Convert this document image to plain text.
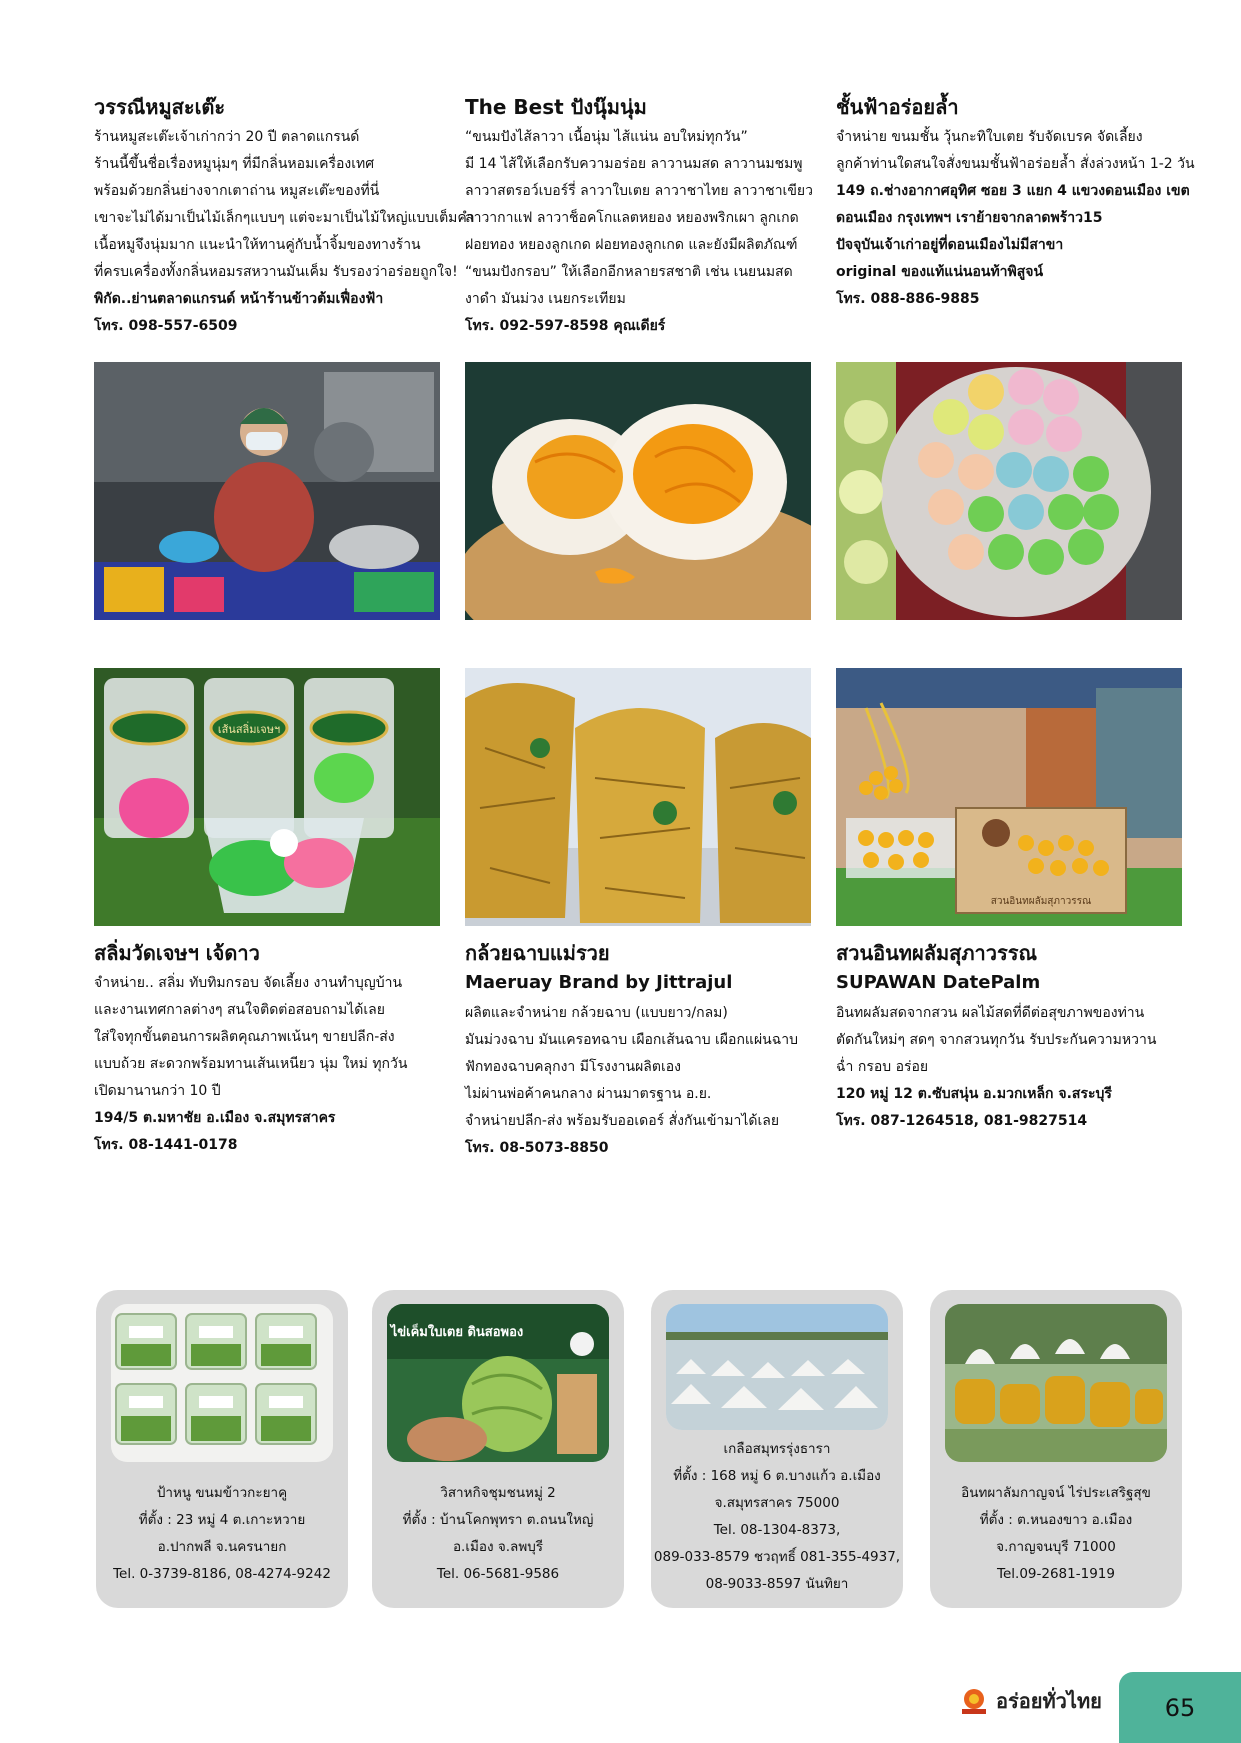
วรรณีหมูสะเต๊ะ

ร้านหมูสะเต๊ะเจ้าเก่ากว่า 20 ปี ตลาดแกรนด์

ร้านนี้ขึ้นชื่อเรื่องหมูนุ่มๆ ที่มีกลิ่นหอมเครื่องเทศ

พร้อมด้วยกลิ่นย่างจากเตาถ่าน หมูสะเต๊ะของที่นี่

เขาจะไม่ได้มาเป็นไม้เล็กๆแบบๆ แต่จะมาเป็นไม้ใหญ่แบบเต็มคำ

เนื้อหมูจึงนุ่มมาก แนะนำให้ทานคู่กับน้ำจิ้มของทางร้าน

ที่ครบเครื่องทั้งกลิ่นหอมรสหวานมันเค็ม รับรองว่าอร่อยถูกใจ!

พิกัด..ย่านตลาดแกรนด์ หน้าร้านข้าวต้มเฟื่องฟ้า

โทร. 098-557-6509

The Best ปังนุ๊มนุ่ม

“ขนมปังไส้ลาวา เนื้อนุ่ม ไส้แน่น อบใหม่ทุกวัน”

มี 14 ไส้ให้เลือกรับความอร่อย ลาวานมสด ลาวานมชมพู

ลาวาสตรอว์เบอร์รี่ ลาวาใบเตย ลาวาชาไทย ลาวาชาเขียว

ลาวากาแฟ ลาวาช็อคโกแลตหยอง หยองพริกเผา ลูกเกด

ฝอยทอง หยองลูกเกด ฝอยทองลูกเกด และยังมีผลิตภัณฑ์

“ขนมปังกรอบ” ให้เลือกอีกหลายรสชาติ เช่น เนยนมสด

งาดำ มันม่วง เนยกระเทียม

โทร. 092-597-8598 คุณเดียร์

ชั้นฟ้าอร่อยล้ำ

จำหน่าย ขนมชั้น วุ้นกะทิใบเตย รับจัดเบรค จัดเลี้ยง

ลูกค้าท่านใดสนใจสั่งขนมชั้นฟ้าอร่อยล้ำ สั่งล่วงหน้า 1-2 วัน

149 ถ.ช่างอากาศอุทิศ ซอย 3 แยก 4 แขวงดอนเมือง เขต

ดอนเมือง กรุงเทพฯ เราย้ายจากลาดพร้าว15

ปัจจุบันเจ้าเก่าอยู่ที่ดอนเมืองไม่มีสาขา

original ของแท้แน่นอนท้าพิสูจน์

โทร. 088-886-9885

เส้นสลิ่มเจษฯ
สวนอินทผลัมสุภาวรรณ
สลิ่มวัดเจษฯ เจ้ดาว

จำหน่าย.. สลิ่ม ทับทิมกรอบ จัดเลี้ยง งานทำบุญบ้าน

และงานเทศกาลต่างๆ สนใจติดต่อสอบถามได้เลย

ใส่ใจทุกขั้นตอนการผลิตคุณภาพเน้นๆ ขายปลีก-ส่ง

แบบถ้วย สะดวกพร้อมทานเส้นเหนียว นุ่ม ใหม่ ทุกวัน

เปิดมานานกว่า 10 ปี

194/5 ต.มหาชัย อ.เมือง จ.สมุทรสาคร

โทร. 08-1441-0178

กล้วยฉาบแม่รวย
Maeruay Brand by Jittrajul

ผลิตและจำหน่าย กล้วยฉาบ (แบบยาว/กลม)

มันม่วงฉาบ มันแครอทฉาบ เผือกเส้นฉาบ เผือกแผ่นฉาบ

ฟักทองฉาบคลุกงา มีโรงงานผลิตเอง

ไม่ผ่านพ่อค้าคนกลาง ผ่านมาตรฐาน อ.ย.

จำหน่ายปลีก-ส่ง พร้อมรับออเดอร์ สั่งกันเข้ามาได้เลย

โทร. 08-5073-8850

สวนอินทผลัมสุภาวรรณ
SUPAWAN DatePalm

อินทผลัมสดจากสวน ผลไม้สดที่ดีต่อสุขภาพของท่าน

ตัดกันใหม่ๆ สดๆ จากสวนทุกวัน รับประกันความหวาน

ฉ่ำ กรอบ อร่อย

120 หมู่ 12 ต.ซับสนุ่น อ.มวกเหล็ก จ.สระบุรี

โทร. 087-1264518, 081-9827514

ป้าหนู ขนมข้าวกะยาคู
ที่ตั้ง : 23 หมู่ 4 ต.เกาะหวาย
อ.ปากพลี จ.นครนายก
Tel. 0-3739-8186, 08-4274-9242
ไข่เค็มใบเตย ดินสอพอง
วิสาหกิจชุมชนหมู่ 2
ที่ตั้ง : บ้านโคกพุทรา ต.ถนนใหญ่
อ.เมือง จ.ลพบุรี
Tel. 06-5681-9586
เกลือสมุทรรุ่งธารา
ที่ตั้ง : 168 หมู่ 6 ต.บางแก้ว อ.เมือง
จ.สมุทรสาคร 75000
Tel. 08-1304-8373,
089-033-8579 ชวฤทธิ์ 081-355-4937,
08-9033-8597 นันทิยา
อินทผาลัมกาญจน์ ไร่ประเสริฐสุข
ที่ตั้ง : ต.หนองขาว อ.เมือง
จ.กาญจนบุรี 71000
Tel.09-2681-1919
อร่อยทั่วไทย	65
